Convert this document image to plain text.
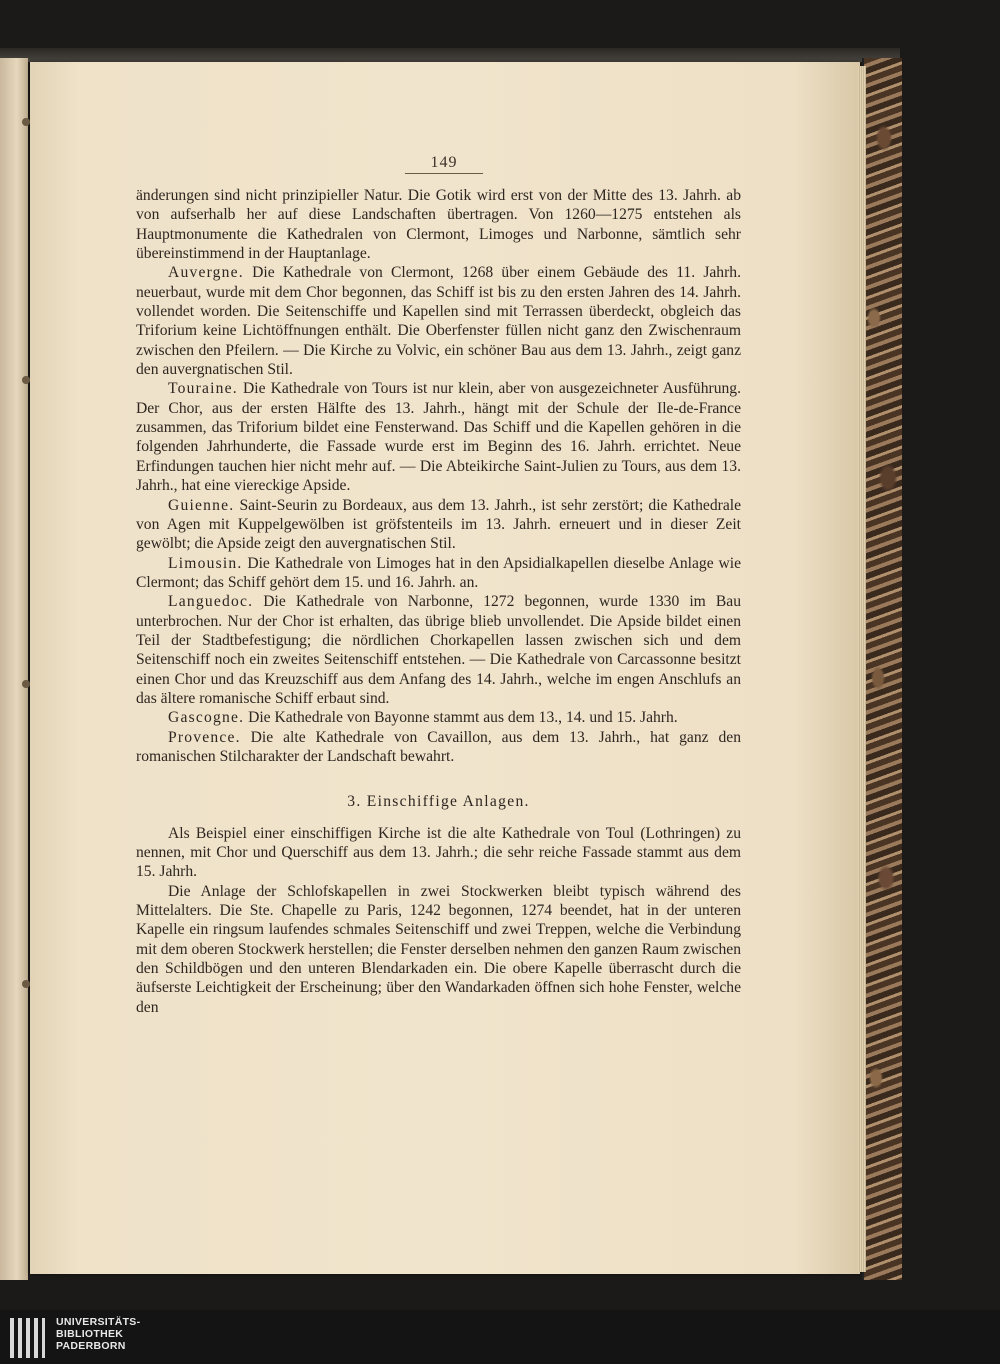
149

änderungen sind nicht prinzipieller Natur. Die Gotik wird erst von der Mitte des 13. Jahrh. ab von aufserhalb her auf diese Landschaften übertragen. Von 1260—1275 entstehen als Hauptmonumente die Kathedralen von Clermont, Limoges und Narbonne, sämtlich sehr übereinstimmend in der Hauptanlage.

Auvergne. Die Kathedrale von Clermont, 1268 über einem Gebäude des 11. Jahrh. neuerbaut, wurde mit dem Chor begonnen, das Schiff ist bis zu den ersten Jahren des 14. Jahrh. vollendet worden. Die Seitenschiffe und Kapellen sind mit Terrassen überdeckt, obgleich das Triforium keine Lichtöffnungen enthält. Die Oberfenster füllen nicht ganz den Zwischenraum zwischen den Pfeilern. — Die Kirche zu Volvic, ein schöner Bau aus dem 13. Jahrh., zeigt ganz den auvergnatischen Stil.

Touraine. Die Kathedrale von Tours ist nur klein, aber von ausgezeichneter Ausführung. Der Chor, aus der ersten Hälfte des 13. Jahrh., hängt mit der Schule der Ile-de-France zusammen, das Triforium bildet eine Fensterwand. Das Schiff und die Kapellen gehören in die folgenden Jahrhunderte, die Fassade wurde erst im Beginn des 16. Jahrh. errichtet. Neue Erfindungen tauchen hier nicht mehr auf. — Die Abteikirche Saint-Julien zu Tours, aus dem 13. Jahrh., hat eine viereckige Apside.

Guienne. Saint-Seurin zu Bordeaux, aus dem 13. Jahrh., ist sehr zerstört; die Kathedrale von Agen mit Kuppelgewölben ist gröfstenteils im 13. Jahrh. erneuert und in dieser Zeit gewölbt; die Apside zeigt den auvergnatischen Stil.

Limousin. Die Kathedrale von Limoges hat in den Apsidialkapellen dieselbe Anlage wie Clermont; das Schiff gehört dem 15. und 16. Jahrh. an.

Languedoc. Die Kathedrale von Narbonne, 1272 begonnen, wurde 1330 im Bau unterbrochen. Nur der Chor ist erhalten, das übrige blieb unvollendet. Die Apside bildet einen Teil der Stadtbefestigung; die nördlichen Chorkapellen lassen zwischen sich und dem Seitenschiff noch ein zweites Seitenschiff entstehen. — Die Kathedrale von Carcassonne besitzt einen Chor und das Kreuzschiff aus dem Anfang des 14. Jahrh., welche im engen Anschlufs an das ältere romanische Schiff erbaut sind.

Gascogne. Die Kathedrale von Bayonne stammt aus dem 13., 14. und 15. Jahrh.

Provence. Die alte Kathedrale von Cavaillon, aus dem 13. Jahrh., hat ganz den romanischen Stilcharakter der Landschaft bewahrt.

3. Einschiffige Anlagen.

Als Beispiel einer einschiffigen Kirche ist die alte Kathedrale von Toul (Lothringen) zu nennen, mit Chor und Querschiff aus dem 13. Jahrh.; die sehr reiche Fassade stammt aus dem 15. Jahrh.

Die Anlage der Schlofskapellen in zwei Stockwerken bleibt typisch während des Mittelalters. Die Ste. Chapelle zu Paris, 1242 begonnen, 1274 beendet, hat in der unteren Kapelle ein ringsum laufendes schmales Seitenschiff und zwei Treppen, welche die Verbindung mit dem oberen Stockwerk herstellen; die Fenster derselben nehmen den ganzen Raum zwischen den Schildbögen und den unteren Blendarkaden ein. Die obere Kapelle überrascht durch die äufserste Leichtigkeit der Erscheinung; über den Wandarkaden öffnen sich hohe Fenster, welche den

UNIVERSITÄTS-
BIBLIOTHEK
PADERBORN
